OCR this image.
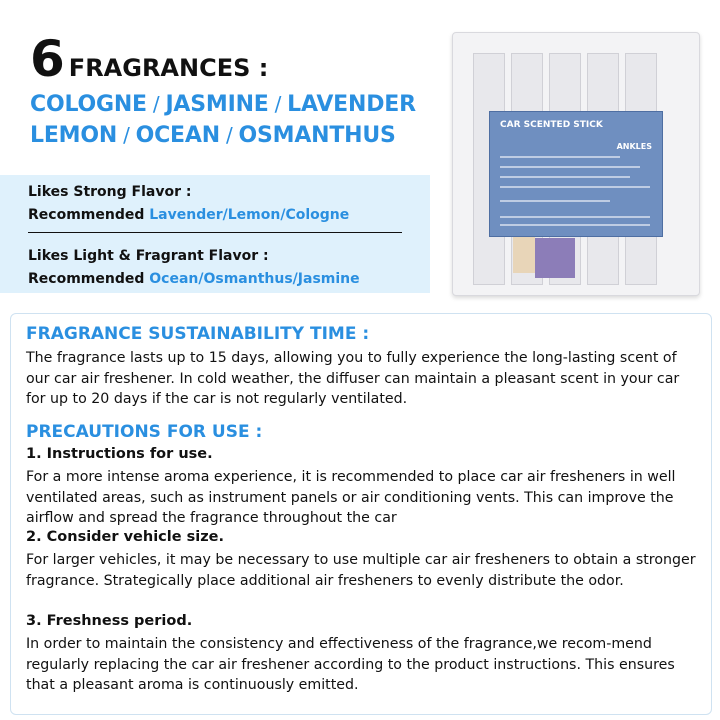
6 FRAGRANCES :
COLOGNE / JASMINE / LAVENDER
LEMON / OCEAN / OSMANTHUS
Likes Strong Flavor :
Recommended Lavender/Lemon/Cologne
Likes Light & Fragrant Flavor :
Recommended Ocean/Osmanthus/Jasmine
CAR SCENTED STICK
ANKLES
FRAGRANCE SUSTAINABILITY TIME :
The fragrance lasts up to 15 days, allowing you to fully experience the long-lasting scent of our car air freshener. In cold weather, the diffuser can maintain a pleasant scent in your car for up to 20 days if the car is not regularly ventilated.
PRECAUTIONS FOR USE :
1. Instructions for use.
For a more intense aroma experience, it is recommended to place car air fresheners in well ventilated areas, such as instrument panels or air conditioning vents. This can improve the airflow and spread the fragrance throughout the car
2. Consider vehicle size.
For larger vehicles, it may be necessary to use multiple car air fresheners to obtain a stronger fragrance. Strategically place additional air fresheners to evenly distribute the odor.
3. Freshness period.
In order to maintain the consistency and effectiveness of the fragrance,we recom-mend regularly replacing the car air freshener according to the product instructions. This ensures that a pleasant aroma is continuously emitted.
